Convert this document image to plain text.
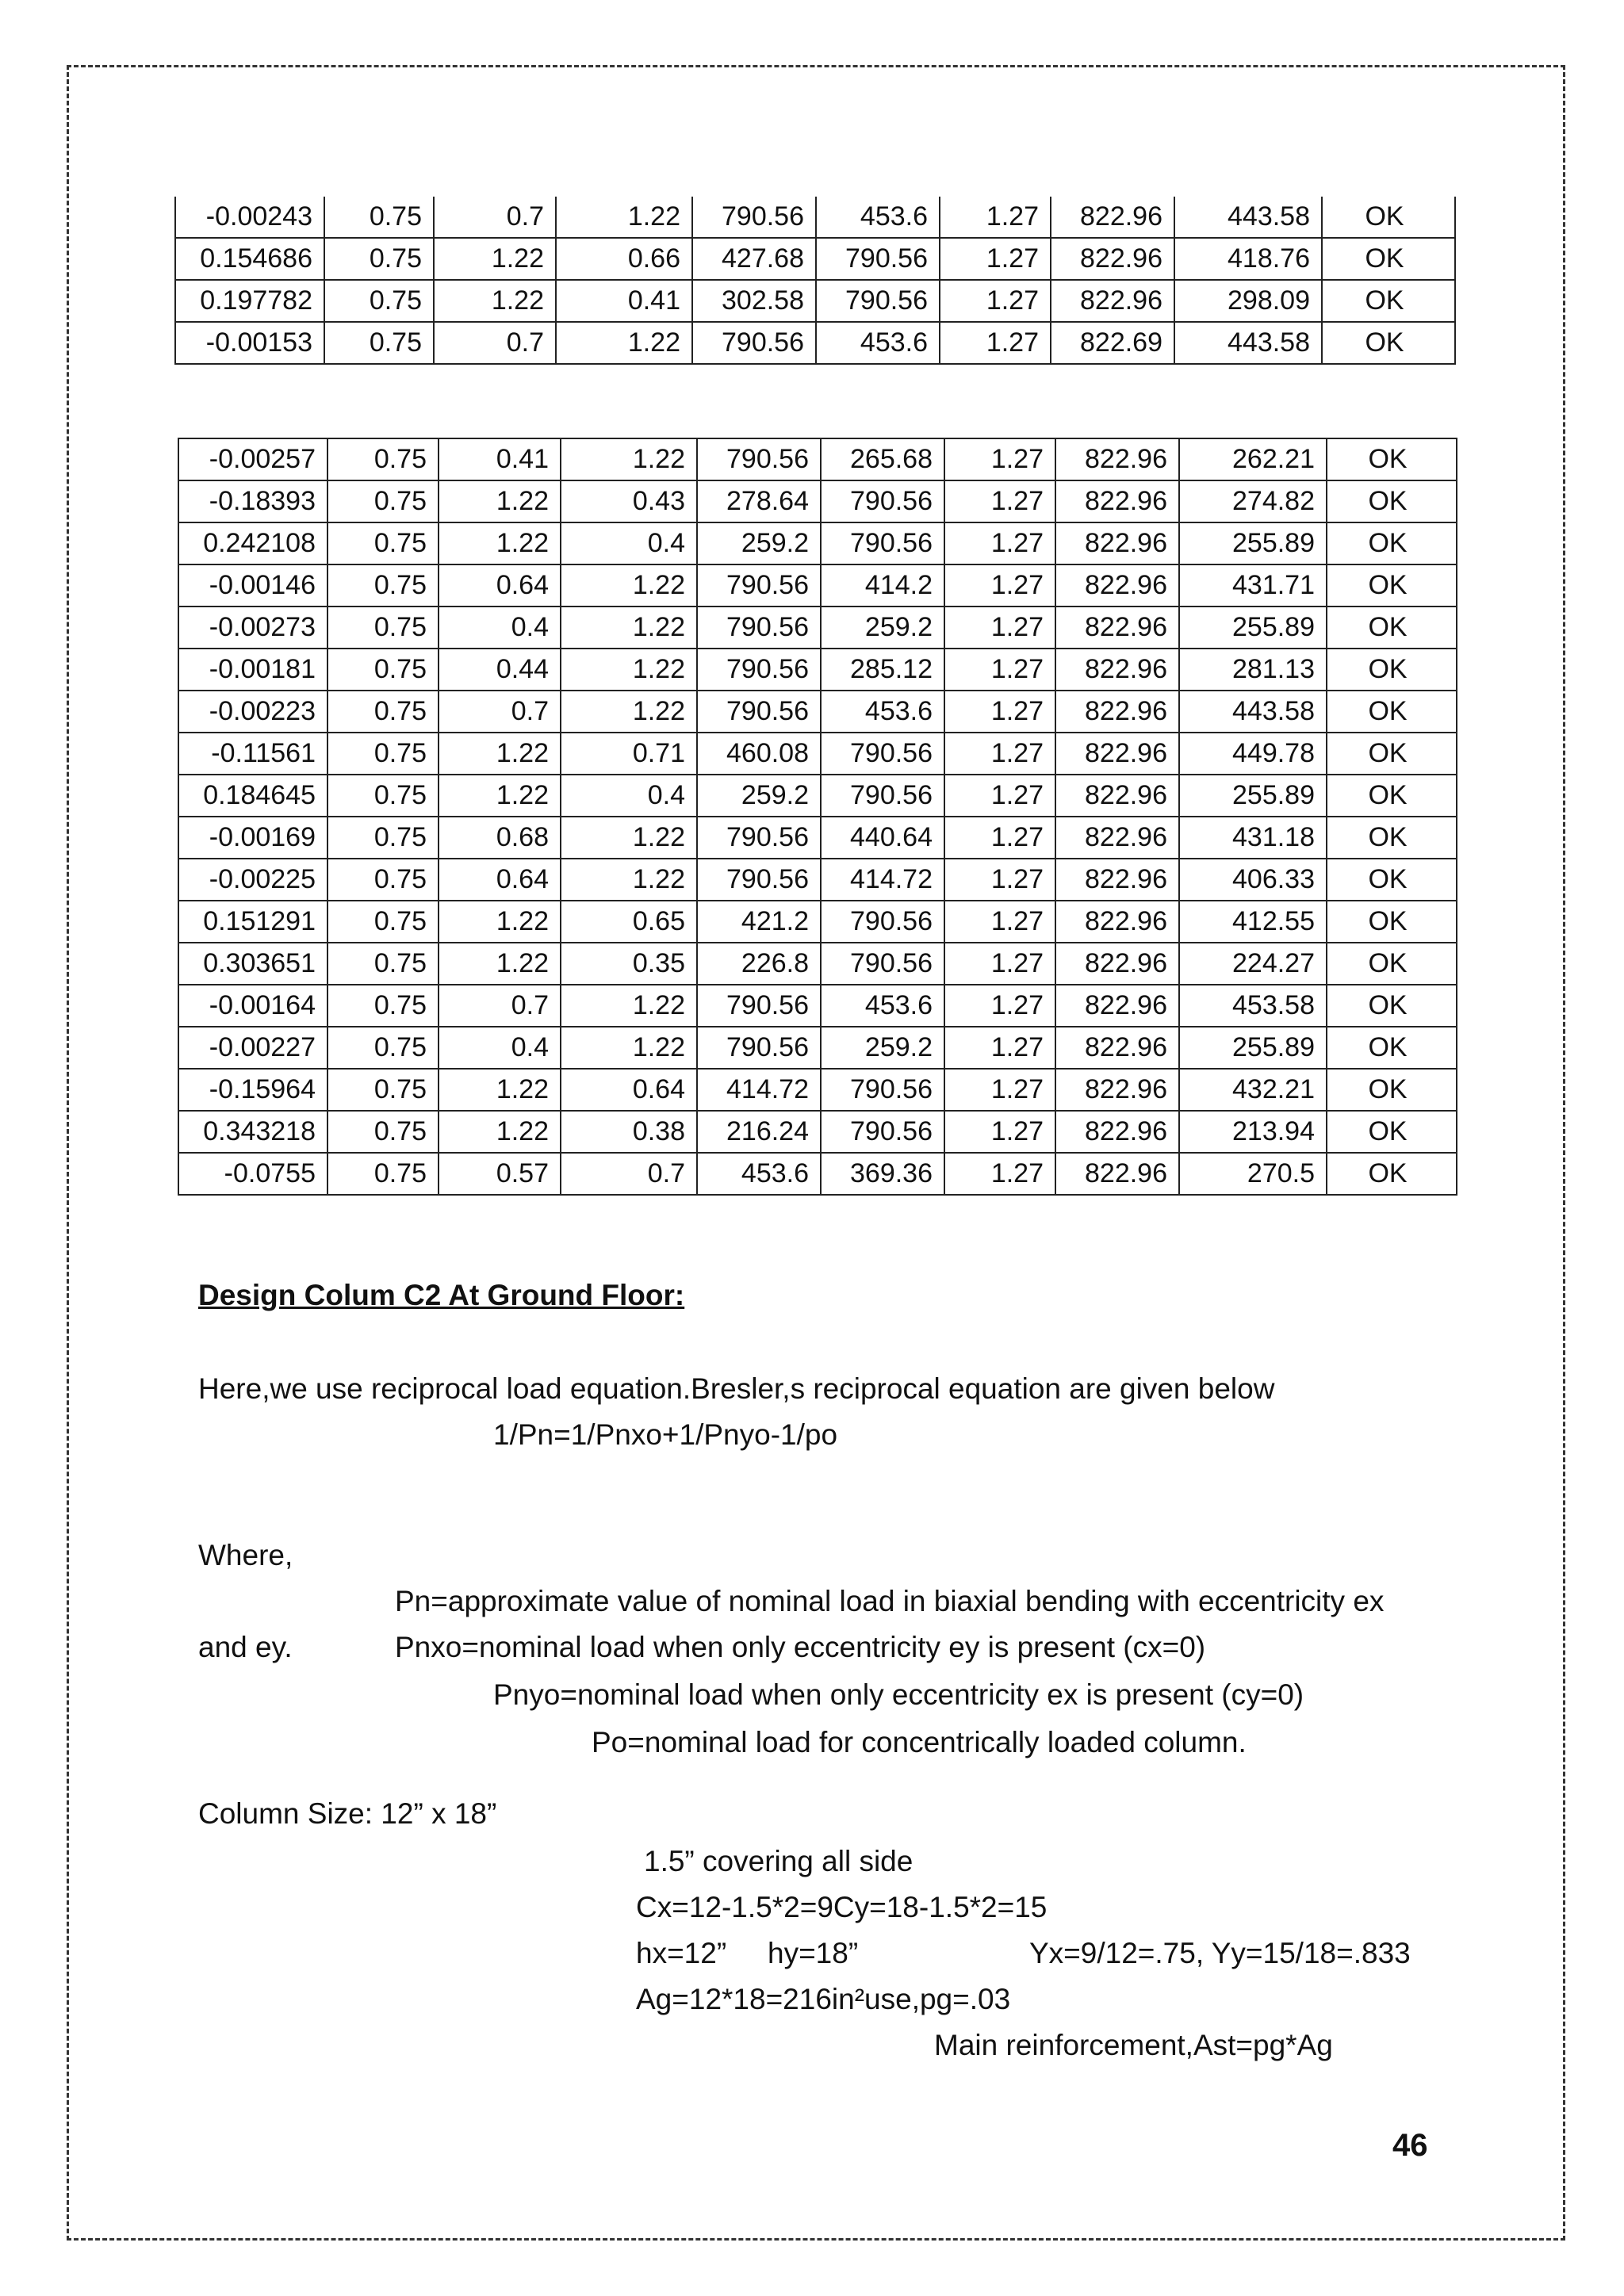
-0.00243	0.75	0.7	1.22	790.56	453.6	1.27	822.96	443.58	OK
0.154686	0.75	1.22	0.66	427.68	790.56	1.27	822.96	418.76	OK
0.197782	0.75	1.22	0.41	302.58	790.56	1.27	822.96	298.09	OK
-0.00153	0.75	0.7	1.22	790.56	453.6	1.27	822.69	443.58	OK
-0.00257	0.75	0.41	1.22	790.56	265.68	1.27	822.96	262.21	OK
-0.18393	0.75	1.22	0.43	278.64	790.56	1.27	822.96	274.82	OK
0.242108	0.75	1.22	0.4	259.2	790.56	1.27	822.96	255.89	OK
-0.00146	0.75	0.64	1.22	790.56	414.2	1.27	822.96	431.71	OK
-0.00273	0.75	0.4	1.22	790.56	259.2	1.27	822.96	255.89	OK
-0.00181	0.75	0.44	1.22	790.56	285.12	1.27	822.96	281.13	OK
-0.00223	0.75	0.7	1.22	790.56	453.6	1.27	822.96	443.58	OK
-0.11561	0.75	1.22	0.71	460.08	790.56	1.27	822.96	449.78	OK
0.184645	0.75	1.22	0.4	259.2	790.56	1.27	822.96	255.89	OK
-0.00169	0.75	0.68	1.22	790.56	440.64	1.27	822.96	431.18	OK
-0.00225	0.75	0.64	1.22	790.56	414.72	1.27	822.96	406.33	OK
0.151291	0.75	1.22	0.65	421.2	790.56	1.27	822.96	412.55	OK
0.303651	0.75	1.22	0.35	226.8	790.56	1.27	822.96	224.27	OK
-0.00164	0.75	0.7	1.22	790.56	453.6	1.27	822.96	453.58	OK
-0.00227	0.75	0.4	1.22	790.56	259.2	1.27	822.96	255.89	OK
-0.15964	0.75	1.22	0.64	414.72	790.56	1.27	822.96	432.21	OK
0.343218	0.75	1.22	0.38	216.24	790.56	1.27	822.96	213.94	OK
-0.0755	0.75	0.57	0.7	453.6	369.36	1.27	822.96	270.5	OK
Design Colum C2 At Ground Floor:
Here,we use reciprocal load equation.Bresler,s reciprocal equation are given below
1/Pn=1/Pnxo+1/Pnyo-1/po
Where,
Pn=approximate value of nominal load in biaxial bending with eccentricity ex
and ey.	Pnxo=nominal load when only eccentricity ey is present (cx=0)
Pnyo=nominal load when only eccentricity ex is present (cy=0)
Po=nominal load for concentrically loaded column.
Column Size: 12” x 18”
1.5” covering all side
Cx=12-1.5*2=9Cy=18-1.5*2=15
hx=12” hy=18”	Yx=9/12=.75, Yy=15/18=.833
Ag=12*18=216in²use,pg=.03
Main reinforcement,Ast=pg*Ag
46
